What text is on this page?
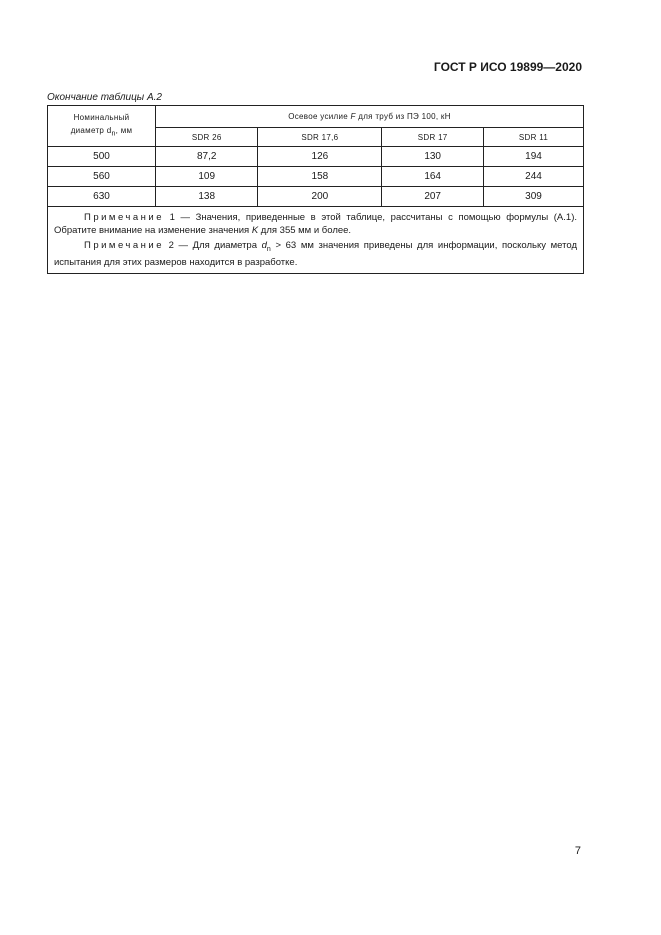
ГОСТ Р ИСО 19899—2020
Окончание таблицы А.2
Номинальный
диаметр $d_n$, мм	Осевое усилие F для труб из ПЭ 100, кН			
	SDR 26	SDR 17,6	SDR 17	SDR 11
500	87,2	126	130	194
560	109	158	164	244
630	138	200	207	309

Примечание 1 — Значения, приведенные в этой таблице, рассчитаны с помощью формулы (А.1). Обратите внимание на изменение значения K для 355 мм и более.

Примечание 2 — Для диаметра $d_n > 63$ мм значения приведены для информации, поскольку метод испытания для этих размеров находится в разработке.				

7
